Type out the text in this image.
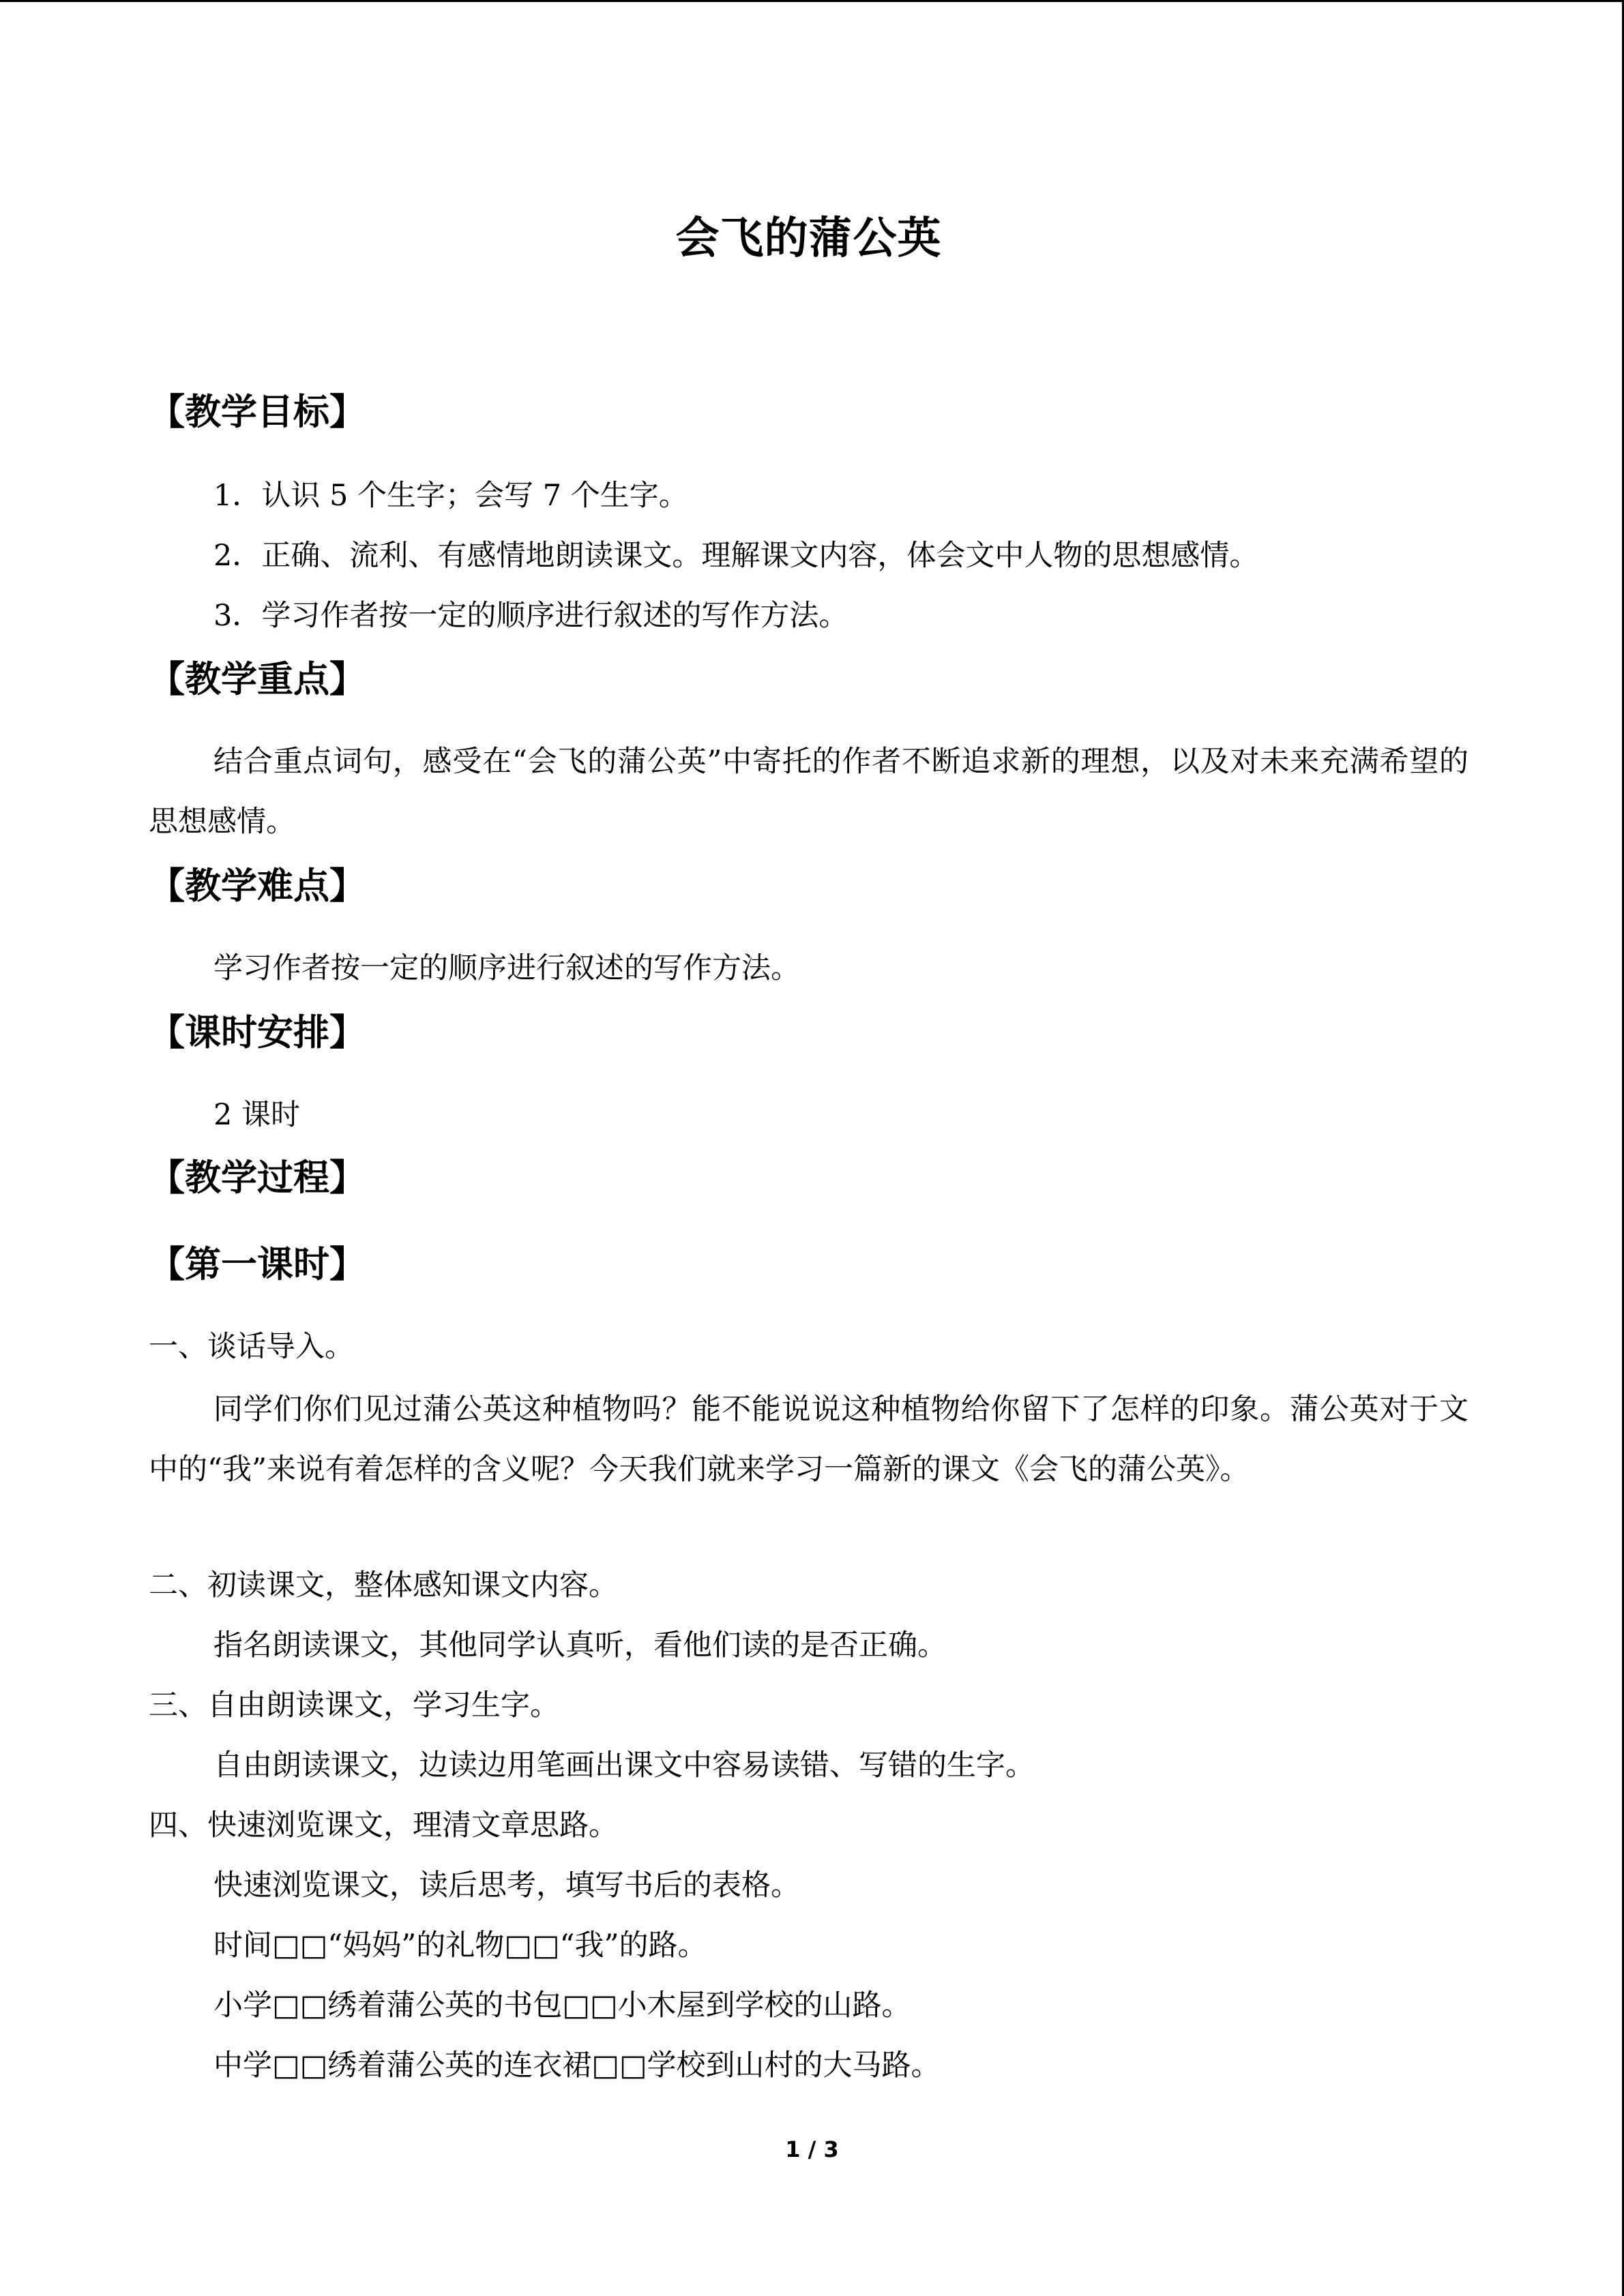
会飞的蒲公英
【教学目标】
1．认识 5 个生字；会写 7 个生字。
2．正确、流利、有感情地朗读课文。理解课文内容，体会文中人物的思想感情。
3．学习作者按一定的顺序进行叙述的写作方法。
【教学重点】
结合重点词句，感受在“会飞的蒲公英”中寄托的作者不断追求新的理想，以及对未来充满希望的思想感情。
【教学难点】
学习作者按一定的顺序进行叙述的写作方法。
【课时安排】
2 课时
【教学过程】
【第一课时】
一、谈话导入。
同学们你们见过蒲公英这种植物吗？能不能说说这种植物给你留下了怎样的印象。蒲公英对于文中的“我”来说有着怎样的含义呢？今天我们就来学习一篇新的课文《会飞的蒲公英》。
二、初读课文，整体感知课文内容。
指名朗读课文，其他同学认真听，看他们读的是否正确。
三、自由朗读课文，学习生字。
自由朗读课文，边读边用笔画出课文中容易读错、写错的生字。
四、快速浏览课文，理清文章思路。
快速浏览课文，读后思考，填写书后的表格。
时间□□“妈妈”的礼物□□“我”的路。
小学□□绣着蒲公英的书包□□小木屋到学校的山路。
中学□□绣着蒲公英的连衣裙□□学校到山村的大马路。
1 / 3
